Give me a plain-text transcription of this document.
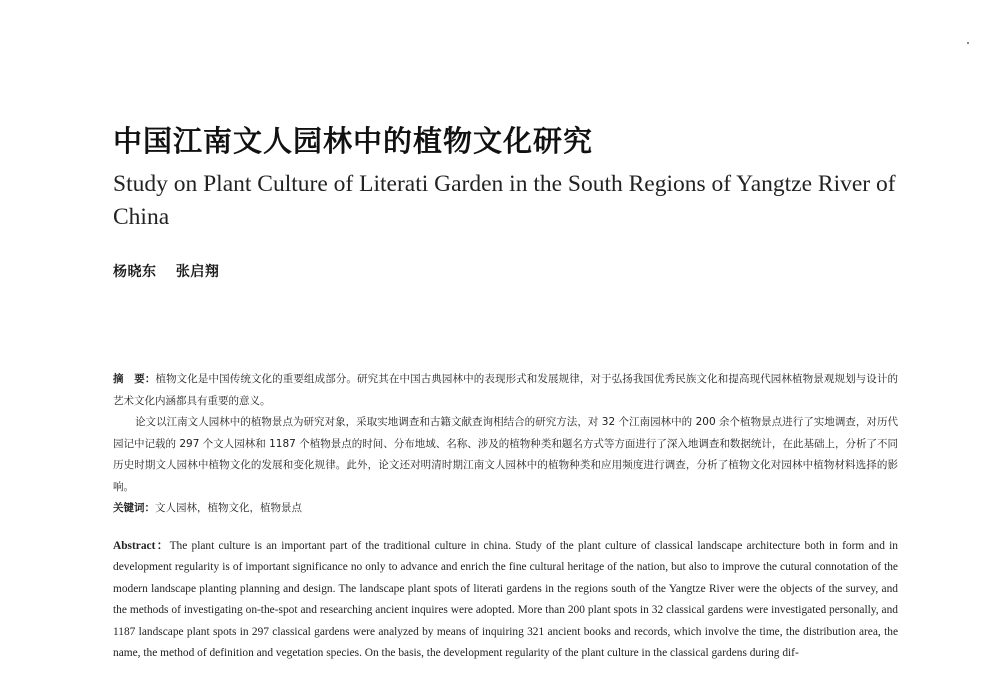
中国江南文人园林中的植物文化研究

Study on Plant Culture of Literati Garden in the South Regions of Yangtze River of China

杨晓东 张启翔

摘　要：植物文化是中国传统文化的重要组成部分。研究其在中国古典园林中的表现形式和发展规律，对于弘扬我国优秀民族文化和提高现代园林植物景观规划与设计的艺术文化内涵都具有重要的意义。

论文以江南文人园林中的植物景点为研究对象，采取实地调查和古籍文献查询相结合的研究方法，对 32 个江南园林中的 200 余个植物景点进行了实地调查，对历代园记中记载的 297 个文人园林和 1187 个植物景点的时间、分布地域、名称、涉及的植物种类和题名方式等方面进行了深入地调查和数据统计，在此基础上，分析了不同历史时期文人园林中植物文化的发展和变化规律。此外，论文还对明清时期江南文人园林中的植物种类和应用频度进行调查，分析了植物文化对园林中植物材料选择的影响。

关键词：文人园林，植物文化，植物景点

Abstract：The plant culture is an important part of the traditional culture in china. Study of the plant culture of classical landscape architecture both in form and in development regularity is of important significance no only to advance and enrich the fine cultural heritage of the nation, but also to improve the cutural connotation of the modern landscape planting planning and design. The landscape plant spots of literati gardens in the regions south of the Yangtze River were the objects of the survey, and the methods of investigating on-the-spot and researching ancient inquires were adopted. More than 200 plant spots in 32 classical gardens were investigated personally, and 1187 landscape plant spots in 297 classical gardens were analyzed by means of inquiring 321 ancient books and records, which involve the time, the distribution area, the name, the method of definition and vegetation species. On the basis, the development regularity of the plant culture in the classical gardens during dif-
